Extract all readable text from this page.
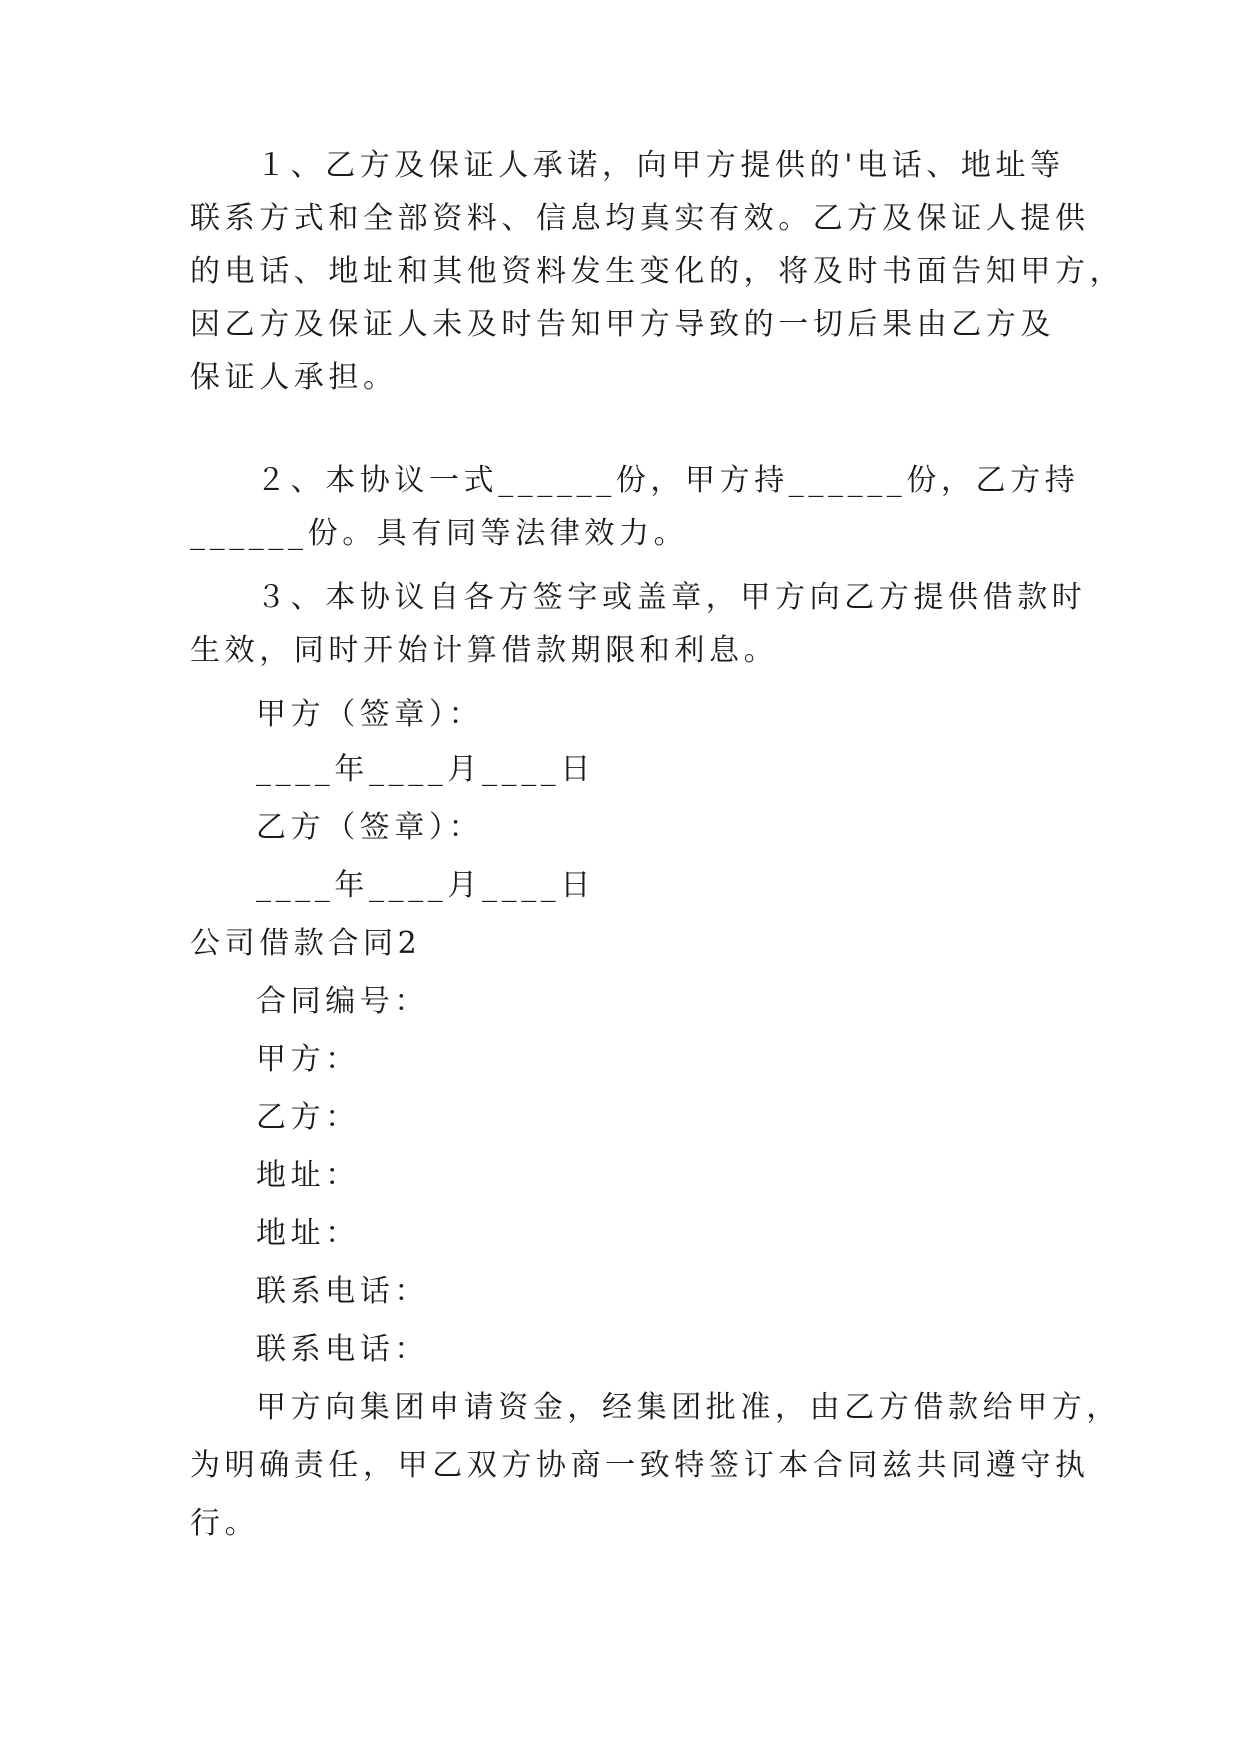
１、乙方及保证人承诺，向甲方提供的'电话、地址等

联系方式和全部资料、信息均真实有效。乙方及保证人提供

的电话、地址和其他资料发生变化的，将及时书面告知甲方，

因乙方及保证人未及时告知甲方导致的一切后果由乙方及

保证人承担。

２、本协议一式______份，甲方持______份，乙方持

______份。具有同等法律效力。

３、本协议自各方签字或盖章，甲方向乙方提供借款时

生效，同时开始计算借款期限和利息。

甲方（签章）：

____年____月____日

乙方（签章）：

____年____月____日

公司借款合同2

合同编号：

甲方：

乙方：

地址：

地址：

联系电话：

联系电话：

甲方向集团申请资金，经集团批准，由乙方借款给甲方，

为明确责任，甲乙双方协商一致特签订本合同兹共同遵守执

行。
